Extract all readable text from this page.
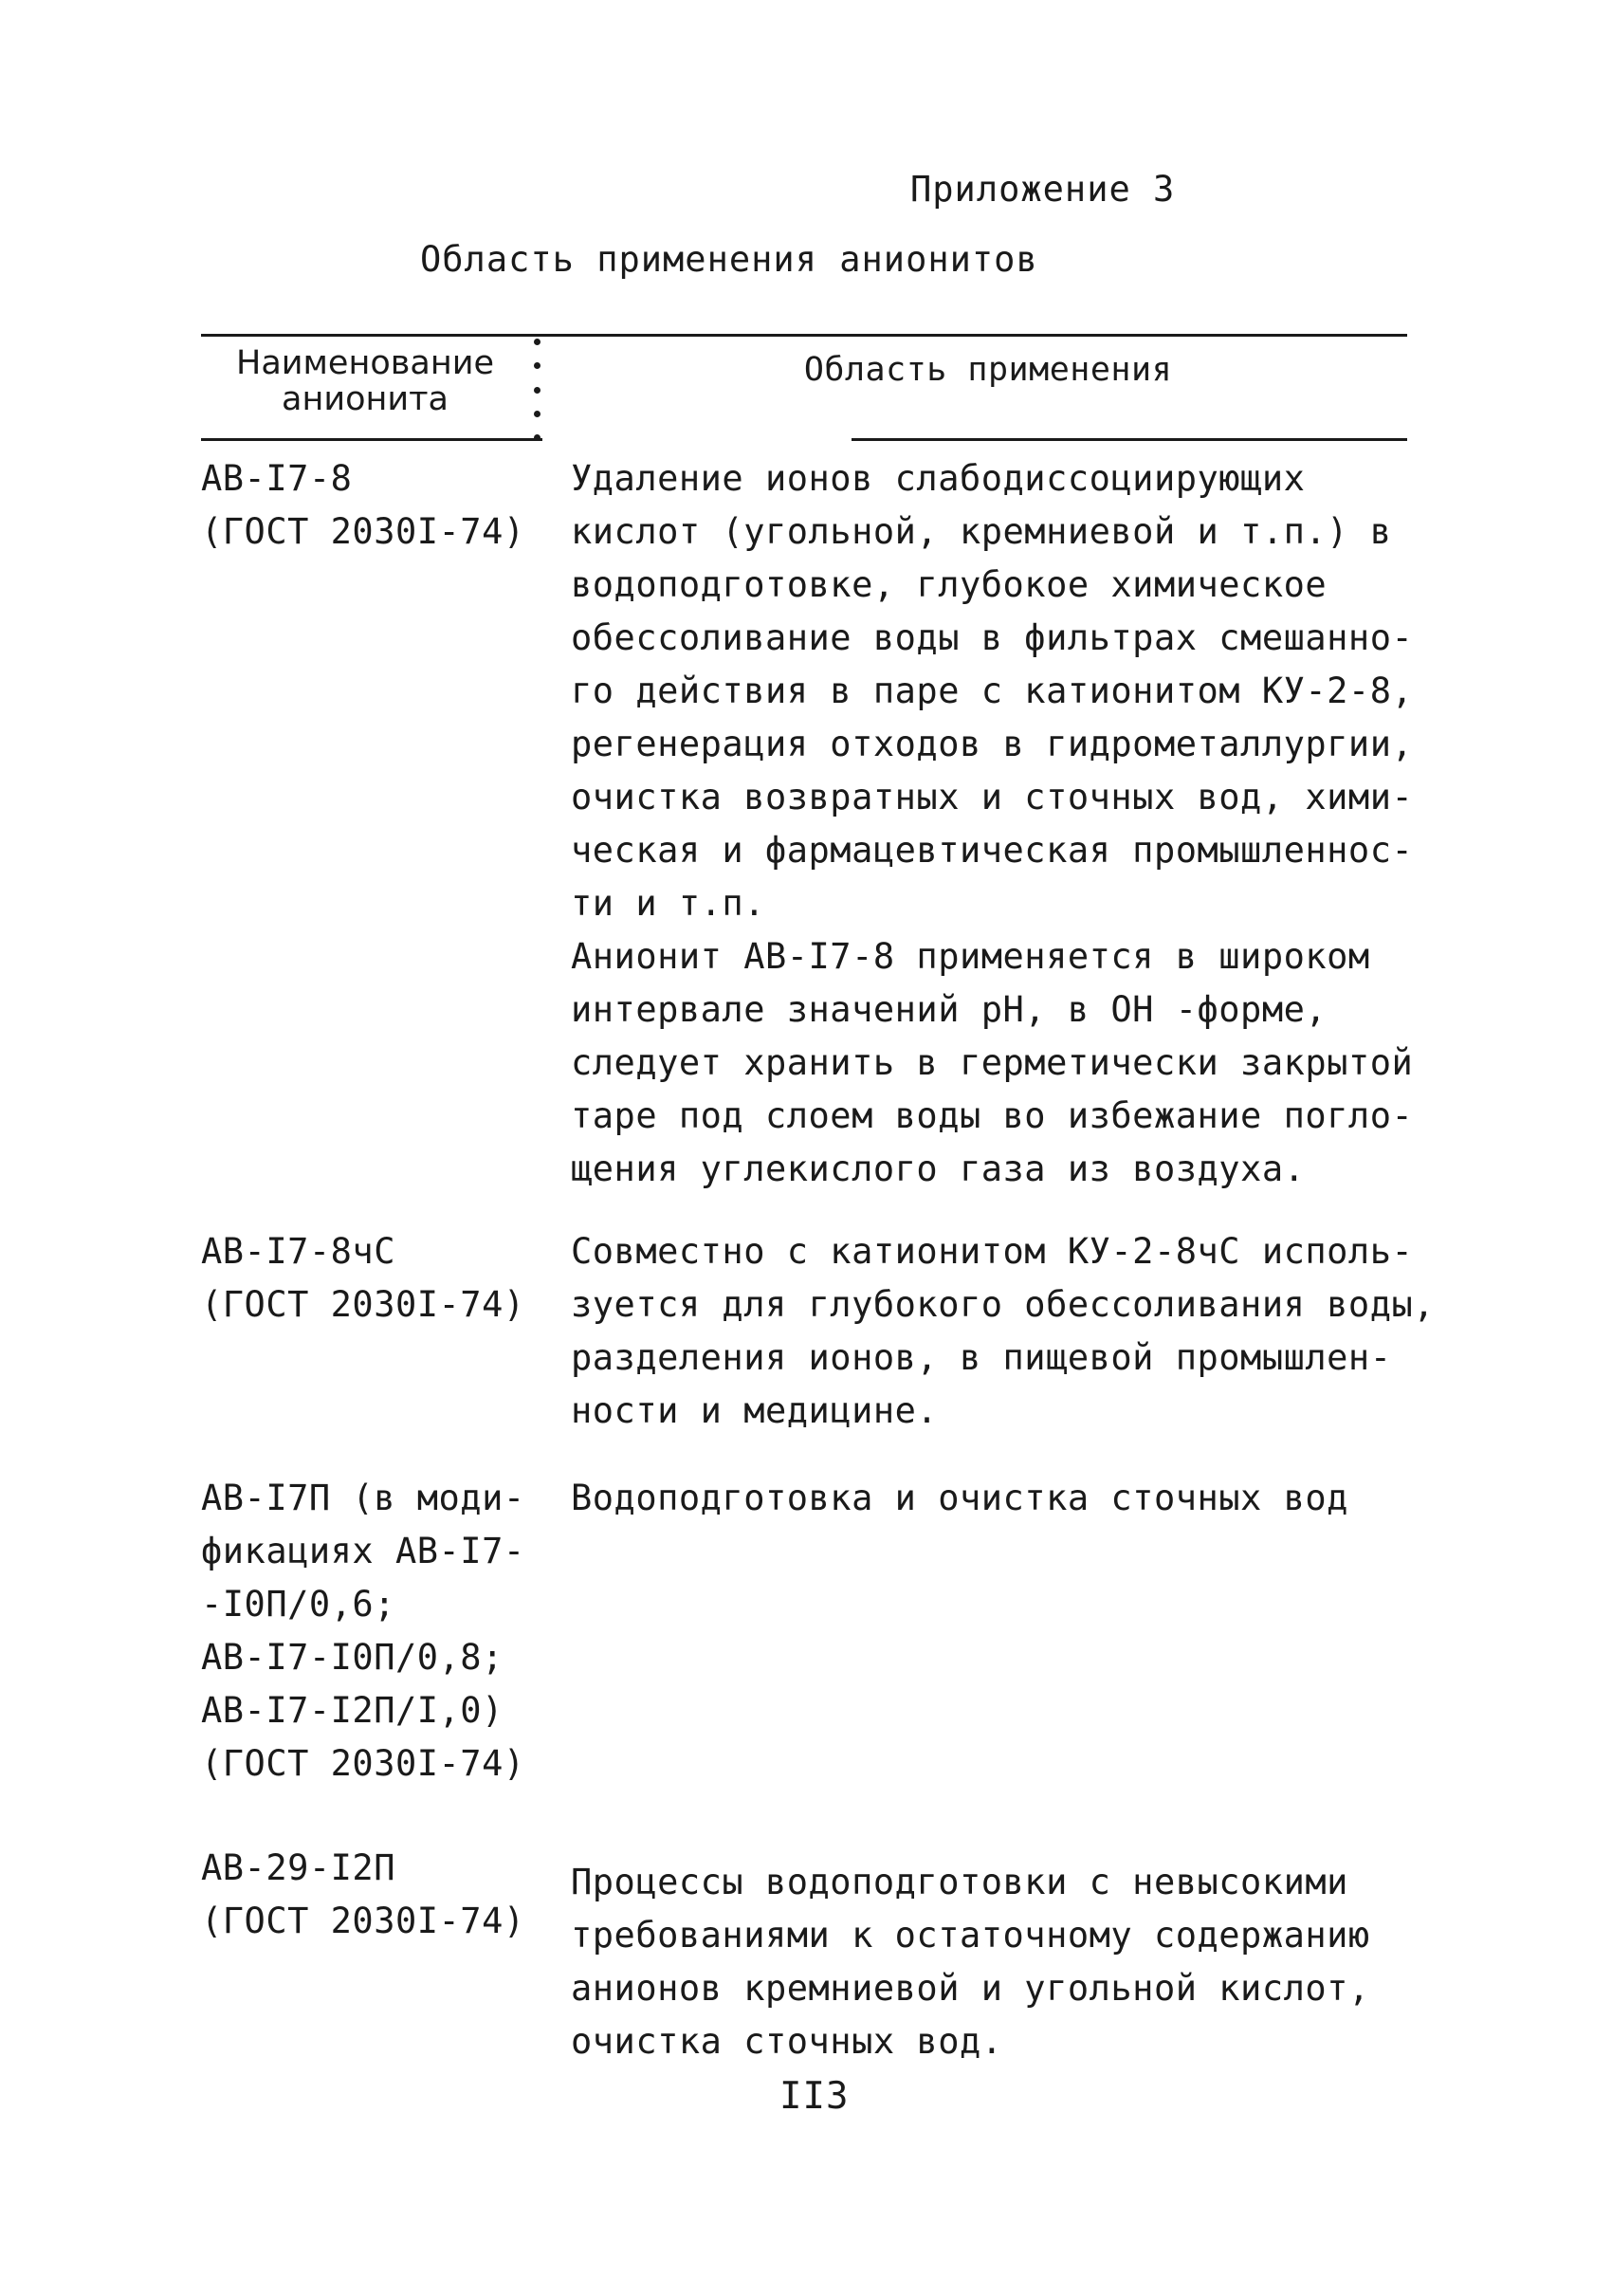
Приложение 3
Область применения анионитов
Наименование
анионита
Область применения
АВ-I7-8
(ГОСТ 2030I-74)
Удаление ионов слабодиссоциирующих
кислот (угольной, кремниевой и т.п.) в
водоподготовке, глубокое химическое
обессоливание воды в фильтрах смешанно-
го действия в паре с катионитом КУ-2-8,
регенерация отходов в гидрометаллургии,
очистка возвратных и сточных вод, хими-
ческая и фармацевтическая промышленнос-
ти и т.п.
Анионит АВ-I7-8 применяется в широком
интервале значений pH, в ОН -форме,
следует хранить в герметически закрытой
таре под слоем воды во избежание погло-
щения углекислого газа из воздуха.
АВ-I7-8чС
(ГОСТ 2030I-74)
Совместно с катионитом КУ-2-8чС исполь-
зуется для глубокого обессоливания воды,
разделения ионов, в пищевой промышлен-
ности и медицине.
АВ-I7П (в моди-
фикациях АВ-I7-
-I0П/0,6;
АВ-I7-I0П/0,8;
АВ-I7-I2П/I,0)
(ГОСТ 2030I-74)
Водоподготовка и очистка сточных вод
АВ-29-I2П
(ГОСТ 2030I-74)
Процессы водоподготовки с невысокими
требованиями к остаточному содержанию
анионов кремниевой и угольной кислот,
очистка сточных вод.
II3
